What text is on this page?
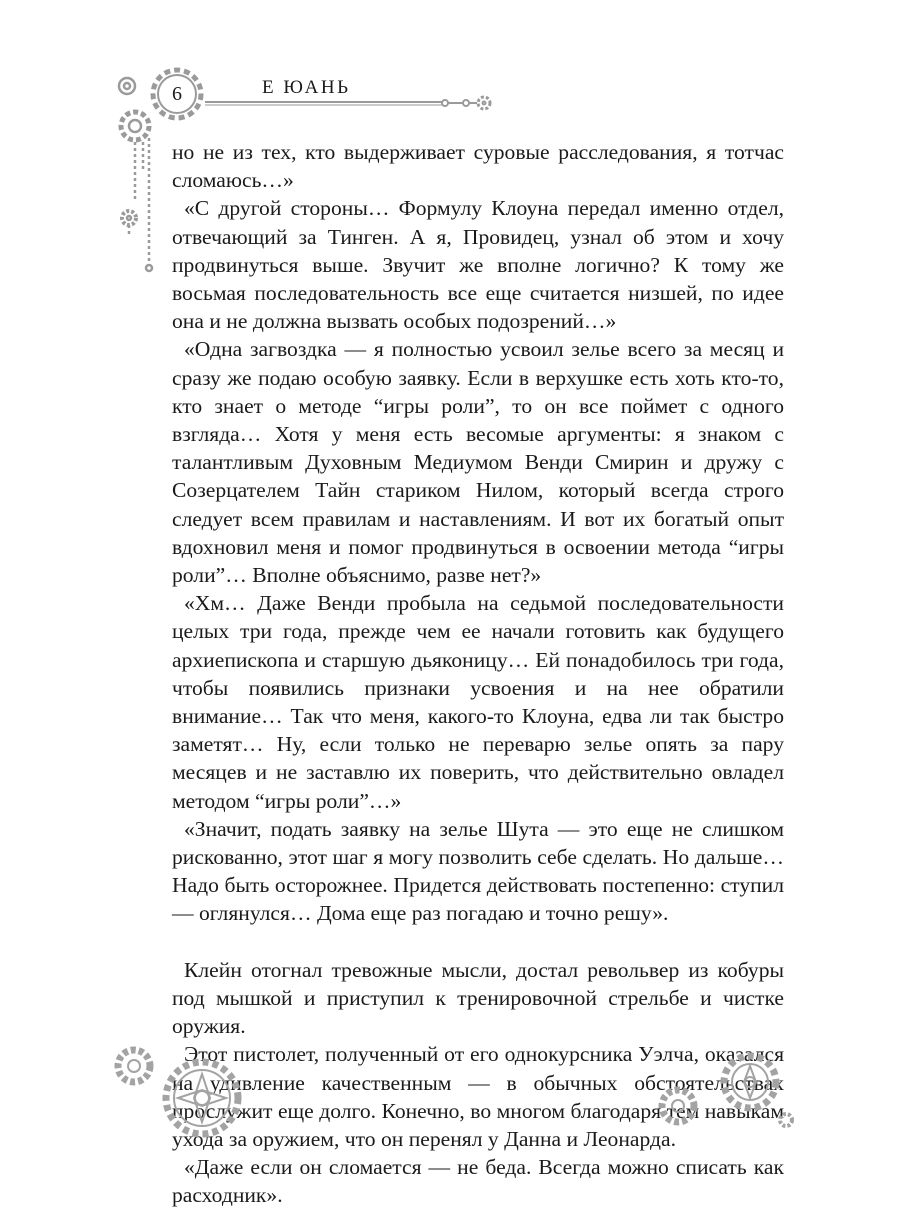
6	Е ЮАНЬ

но не из тех, кто выдерживает суровые расследования, я тотчас сломаюсь…»

«С другой стороны… Формулу Клоуна передал именно отдел, отвечающий за Тинген. А я, Провидец, узнал об этом и хочу продвинуться выше. Звучит же вполне логично? К тому же восьмая последовательность все еще считается низшей, по идее она и не должна вызвать особых подозрений…»

«Одна загвоздка — я полностью усвоил зелье всего за месяц и сразу же подаю особую заявку. Если в верхушке есть хоть кто-то, кто знает о методе “игры роли”, то он все поймет с одного взгляда… Хотя у меня есть весомые аргументы: я знаком с талантливым Духовным Медиумом Венди Смирин и дружу с Созерцателем Тайн стариком Нилом, который всегда строго следует всем правилам и наставлениям. И вот их богатый опыт вдохновил меня и помог продвинуться в освоении метода “игры роли”… Вполне объяснимо, разве нет?»

«Хм… Даже Венди пробыла на седьмой последовательности целых три года, прежде чем ее начали готовить как будущего архиепископа и старшую дьяконицу… Ей понадобилось три года, чтобы появились признаки усвоения и на нее обратили внимание… Так что меня, какого-то Клоуна, едва ли так быстро заметят… Ну, если только не переварю зелье опять за пару месяцев и не заставлю их поверить, что действительно овладел методом “игры роли”…»

«Значит, подать заявку на зелье Шута — это еще не слишком рискованно, этот шаг я могу позволить себе сделать. Но дальше… Надо быть осторожнее. Придется действовать постепенно: ступил — оглянулся… Дома еще раз погадаю и точно решу».

Клейн отогнал тревожные мысли, достал револьвер из кобуры под мышкой и приступил к тренировочной стрельбе и чистке оружия.

Этот пистолет, полученный от его однокурсника Уэлча, оказался на удивление качественным — в обычных обстоятельствах прослужит еще долго. Конечно, во многом благодаря тем навыкам ухода за оружием, что он перенял у Данна и Леонарда.

«Даже если он сломается — не беда. Всегда можно списать как расходник».
